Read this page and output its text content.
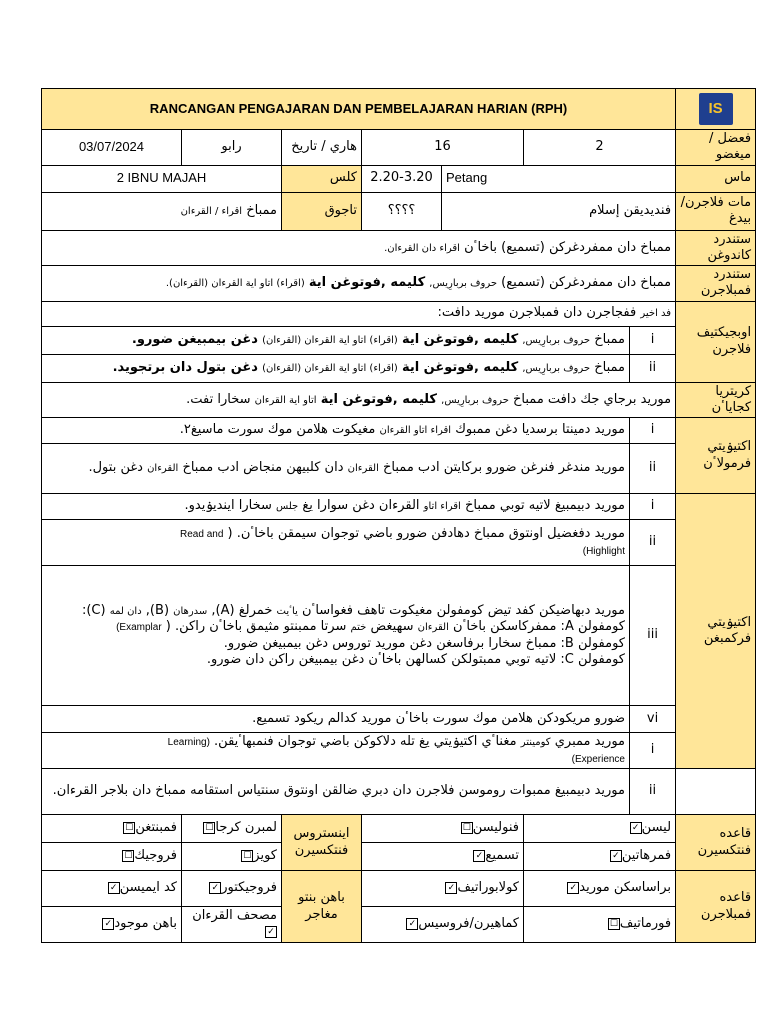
RANCANGAN PENGAJARAN DAN PEMBELAJARAN HARIAN (RPH)							IS	

03/07/2024	رابو	هاري / تاريخ	16		2		فعضل / ميغضو	
2 IBNU MAJAH		كلس	2.20-3.20	Petang			ماس	
ممباخ اقراء / القرءان		تاجوق	؟؟؟؟	فنديديقن إسلام			مات فلاجرن/ بيدغ	
ممباخ دان ممفردغركن (تسميع) باخاٴن اقراء دان القرءان.							ستندرد كاندوغن	
ممباخ دان ممفردغركن (تسميع) حروف بربارِيس, كليمه ,فوتوغن اية (اقراء) اتاو اية القرءان (القرءان).							ستندرد فمبلاجرن	
فد اخير ففجاجرن دان فمبلاجرن موريد دافت:							اوبجيكتيف فلاجرن	
ممباخ حروف بربارِيس, كليمه ,فوتوغن اية (اقراء) اتاو اية القرءان (القرءان) دغن بيمبيغن ضورو.						i		
ممباخ حروف بربارِيس, كليمه ,فوتوغن اية (اقراء) اتاو اية القرءان (القرءان) دغن بتول دان برتجويد.						ii		
موريد برجاي جك دافت ممباخ حروف بربارِيس, كليمه ,فوتوغن اية اتاو اية القرءان سخارا تفت.							كريتريا كجاياٴن	
موريد دمينتا برسديا دغن ممبوك اقراء اتاو القرءان مغيكوت هلامن موك سورت ماسيغ٢.						i	اكتيۏيتي فرمولاٴن	
موريد مندغر فنرغن ضورو بركايتن ادب ممباخ القرءان دان كلبيهن منجاض ادب ممباخ القرءان دغن بتول.						ii		
موريد دبيمبيغ لاتيه توبي ممباخ اقراء اتاو القرءان دغن سوارا يغ جلس سخارا اينديۏيدو.						i	اكتيۏيتي فركمبغن	
موريد دفغضيل اونتوق ممباخ دهادفن ضورو باضي توجوان سيمقن باخاٴن. ( Read and
Highlight)						ii		
موريد دبهاضيكن كفد تيض كومفولن مغيكوت تاهف فغواساٴن ياٴيت خمرلغ (A), سدرهان (B), دان لمه (C):
كومفولن A: ممفركاسكن باخاٴن القرءان سهيغض ختم سرتا ممبنتو مثيمق باخاٴن راكن. ( Examplar)
كومفولن B: ممباخ سخارا برفاسغن دغن موريد توروس دغن بيمبيغن ضورو.
كومفولن C: لاتيه توبي ممبتولكن كسالهن باخاٴن دغن بيمبيغن راكن دان ضورو.						iii		
ضورو مريكودكن هلامن موك سورت باخاٴن موريد كدالم ريكود تسميع.						vi		
موريد ممبري كومينتر مغناٴي اكتيۏيتي يغ تله دلاكوكن باضي توجوان فنمبهاٴيقن. (Learning
Experience)						i	
موريد دبيمبيغ ممبوات روموسن فلاجرن دان دبري ضالقن اونتوق سنتياس استقامه ممباخ دان بلاجر القرءان.						ii		
فمبنتغن☐	لمبرن كرجا☐	اينستروس فنتكسيرن	فنوليسن☐		ليسن✓		قاعده فنتكسيرن	
فروجيك☐	كويز☐		تسميع✓		فمرهاتين✓			
كد ايميسن✓	فروجيكتور✓	باهن بنتو مغاجر	كولابوراتيف✓		براساسكن موريد✓		قاعده فمبلاجرن	
باهن موجود✓	مصحف القرءان✓		كماهيرن/فروسيس✓		فورماتيف☐			
